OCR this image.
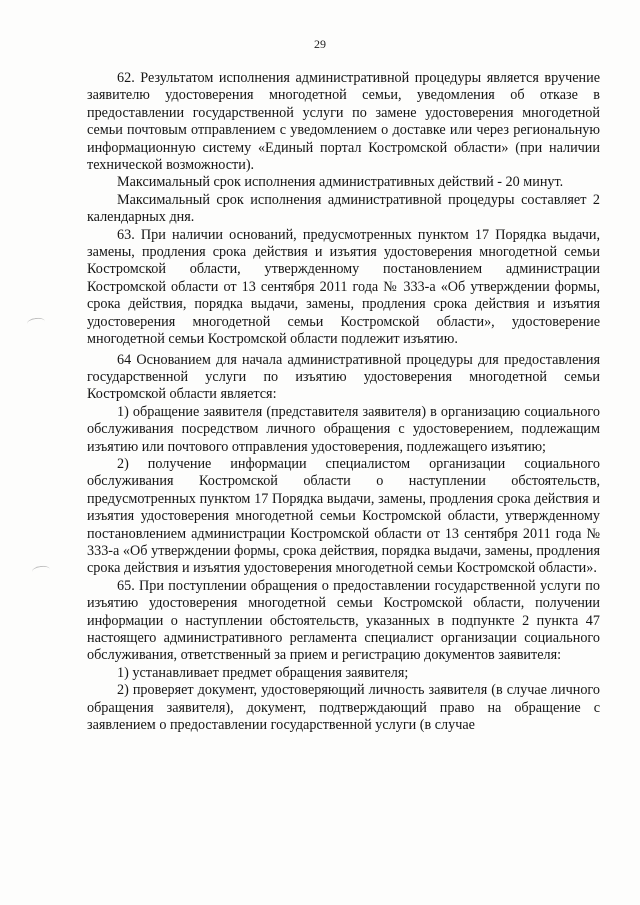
29

62. Результатом исполнения административной процедуры является вручение заявителю удостоверения многодетной семьи, уведомления об отказе в предоставлении государственной услуги по замене удостоверения многодетной семьи почтовым отправлением с уведомлением о доставке или через региональную информационную систему «Единый портал Костромской области» (при наличии технической возможности).

Максимальный срок исполнения административных действий - 20 минут.

Максимальный срок исполнения административной процедуры составляет 2 календарных дня.

63. При наличии оснований, предусмотренных пунктом 17 Порядка выдачи, замены, продления срока действия и изъятия удостоверения многодетной семьи Костромской области, утвержденному постановлением администрации Костромской области от 13 сентября 2011 года № 333-а «Об утверждении формы, срока действия, порядка выдачи, замены, продления срока действия и изъятия удостоверения многодетной семьи Костромской области», удостоверение многодетной семьи Костромской области подлежит изъятию.

64 Основанием для начала административной процедуры для предоставления государственной услуги по изъятию удостоверения многодетной семьи Костромской области является:

1) обращение заявителя (представителя заявителя) в организацию социального обслуживания посредством личного обращения с удостоверением, подлежащим изъятию или почтового отправления удостоверения, подлежащего изъятию;

2) получение информации специалистом организации социального обслуживания Костромской области о наступлении обстоятельств, предусмотренных пунктом 17 Порядка выдачи, замены, продления срока действия и изъятия удостоверения многодетной семьи Костромской области, утвержденному постановлением администрации Костромской области от 13 сентября 2011 года № 333-а «Об утверждении формы, срока действия, порядка выдачи, замены, продления срока действия и изъятия удостоверения многодетной семьи Костромской области».

65. При поступлении обращения о предоставлении государственной услуги по изъятию удостоверения многодетной семьи Костромской области, получении информации о наступлении обстоятельств, указанных в подпункте 2 пункта 47 настоящего административного регламента специалист организации социального обслуживания, ответственный за прием и регистрацию документов заявителя:

1) устанавливает предмет обращения заявителя;

2) проверяет документ, удостоверяющий личность заявителя (в случае личного обращения заявителя), документ, подтверждающий право на обращение с заявлением о предоставлении государственной услуги (в случае
